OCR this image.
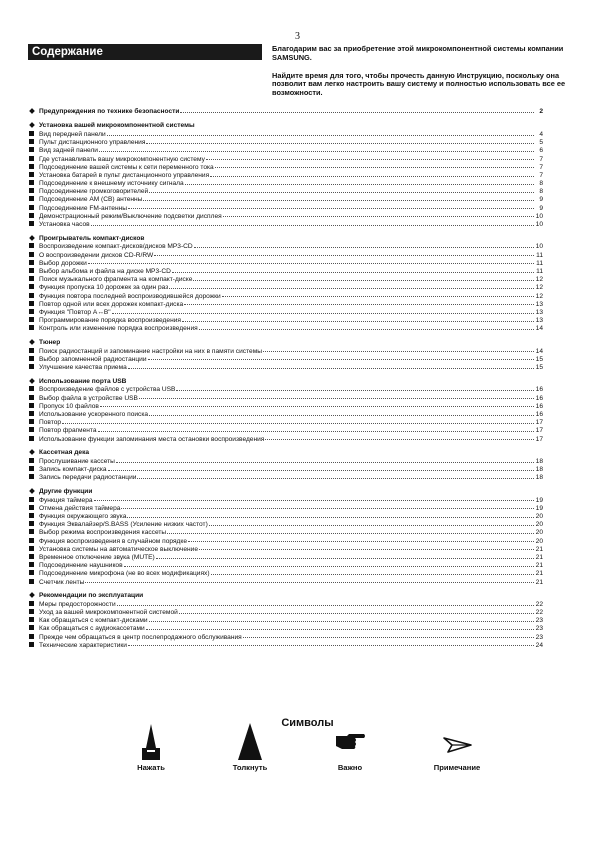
3
Содержание	Благодарим вас за приобретение этой микрокомпонентной системы компании SAMSUNG.

Найдите время для того, чтобы прочесть данную Инструкцию, поскольку она позволит вам легко настроить вашу систему и полностью использовать все ее возможности.

Предупреждения по технике безопасности	2
Установка вашей микрокомпонентной системы
Вид передней панели	4
Пульт дистанционного управления	5
Вид задней панели	6
Где устанавливать вашу микрокомпонентную систему	7
Подсоединение вашей системы к сети переменного тока	7
Установка батарей в пульт дистанционного управления	7
Подсоединение к внешнему источнику сигнала	8
Подсоединение громкоговорителей	8
Подсоединение АМ (СВ) антенны	9
Подсоединение FM-антенны	9
Демонстрационный режим/Выключение подсветки дисплея	10
Установка часов	10
Проигрыватель компакт-дисков
Воспроизведение компакт-дисков/дисков MP3-CD	10
О воспроизведении дисков CD-R/RW	11
Выбор дорожки	11
Выбор альбома и файла на диске MP3-CD	11
Поиск музыкального фрагмента на компакт-диске	12
Функция пропуска 10 дорожек за один раз	12
Функция повтора последней воспроизводившейся дорожки	12
Повтор одной или всех дорожек компакт-диска	13
Функция "Повтор A↔B"	13
Программирование порядка воспроизведения	13
Контроль или изменение порядка воспроизведения	14
Тюнер
Поиск радиостанций и запоминание настройки на них в памяти системы	14
Выбор запомненной радиостанции	15
Улучшение качества приема	15
Использование порта USB
Воспроизведение файлов с устройства USB	16
Выбор файла в устройстве USB	16
Пропуск 10 файлов	16
Использование ускоренного поиска	16
Повтор	17
Повтор фрагмента	17
Использование функции запоминания места остановки воспроизведения	17
Кассетная дека
Прослушивание кассеты	18
Запись компакт-диска	18
Запись передачи радиостанции	18
Другие функции
Функция таймера	19
Отмена действия таймера	19
Функция окружающего звука	20
Функция Эквалайзер/S.BASS (Усиление низких частот)	20
Выбор режима воспроизведения кассеты	20
Функция воспроизведения в случайном порядке	20
Установка системы на автоматическое выключение	21
Временное отключение звука (MUTE)	21
Подсоединение наушников	21
Подсоединение микрофона (не во всех модификациях)	21
Счетчик ленты	21
Рекомендации по эксплуатации
Меры предосторожности	22
Уход за вашей микрокомпонентной системой	22
Как обращаться с компакт-дисками	23
Как обращаться с аудиокассетами	23
Прежде чем обращаться в центр послепродажного обслуживания	23
Технические характеристики	24
Символы
Нажать	Толкнуть	Важно	Примечание
